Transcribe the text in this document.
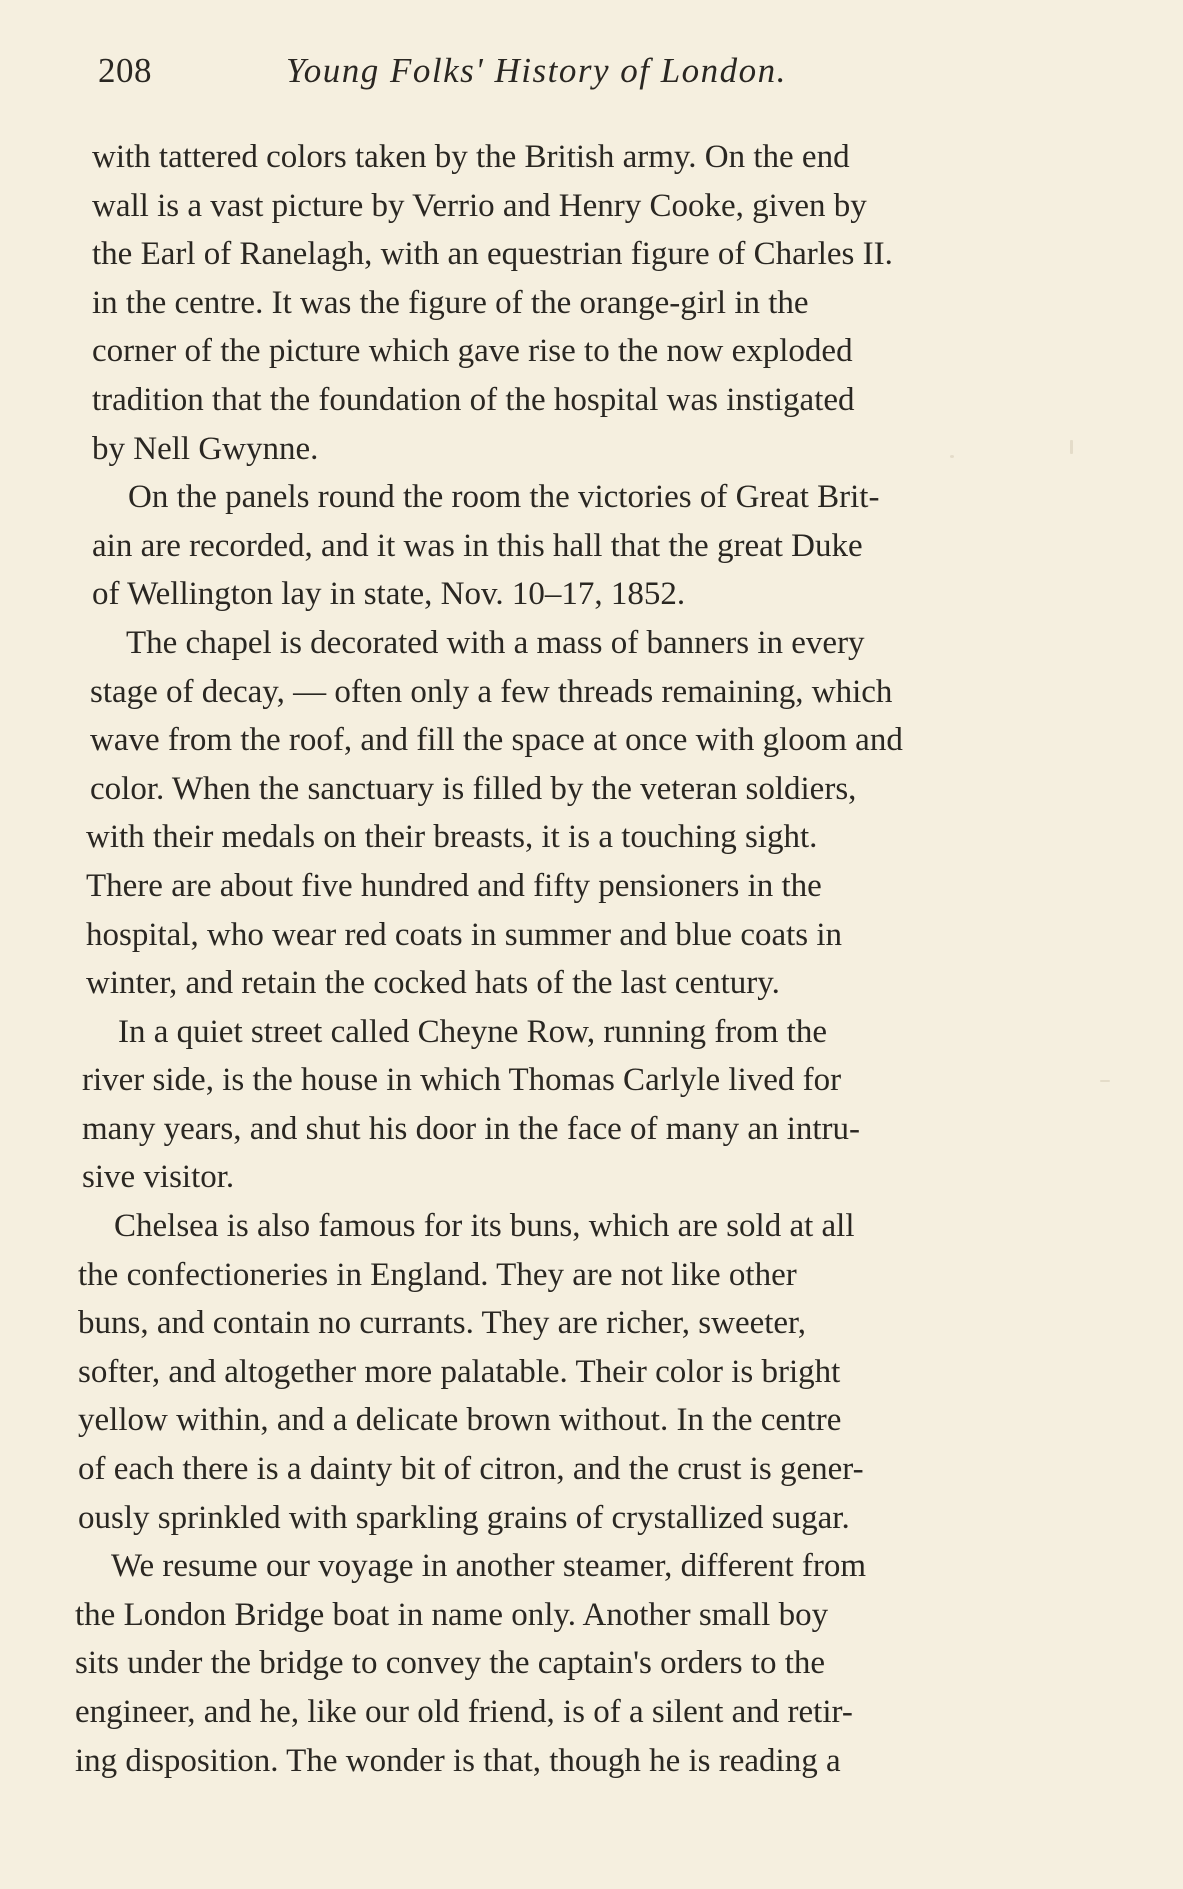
208	Young Folks' History of London.
with tattered colors taken by the British army. On the end
wall is a vast picture by Verrio and Henry Cooke, given by
the Earl of Ranelagh, with an equestrian figure of Charles II.
in the centre. It was the figure of the orange-girl in the
corner of the picture which gave rise to the now exploded
tradition that the foundation of the hospital was instigated
by Nell Gwynne.
On the panels round the room the victories of Great Brit-
ain are recorded, and it was in this hall that the great Duke
of Wellington lay in state, Nov. 10–17, 1852.
The chapel is decorated with a mass of banners in every
stage of decay, — often only a few threads remaining, which
wave from the roof, and fill the space at once with gloom and
color. When the sanctuary is filled by the veteran soldiers,
with their medals on their breasts, it is a touching sight.
There are about five hundred and fifty pensioners in the
hospital, who wear red coats in summer and blue coats in
winter, and retain the cocked hats of the last century.
In a quiet street called Cheyne Row, running from the
river side, is the house in which Thomas Carlyle lived for
many years, and shut his door in the face of many an intru-
sive visitor.
Chelsea is also famous for its buns, which are sold at all
the confectioneries in England. They are not like other
buns, and contain no currants. They are richer, sweeter,
softer, and altogether more palatable. Their color is bright
yellow within, and a delicate brown without. In the centre
of each there is a dainty bit of citron, and the crust is gener-
ously sprinkled with sparkling grains of crystallized sugar.
We resume our voyage in another steamer, different from
the London Bridge boat in name only. Another small boy
sits under the bridge to convey the captain's orders to the
engineer, and he, like our old friend, is of a silent and retir-
ing disposition. The wonder is that, though he is reading a
